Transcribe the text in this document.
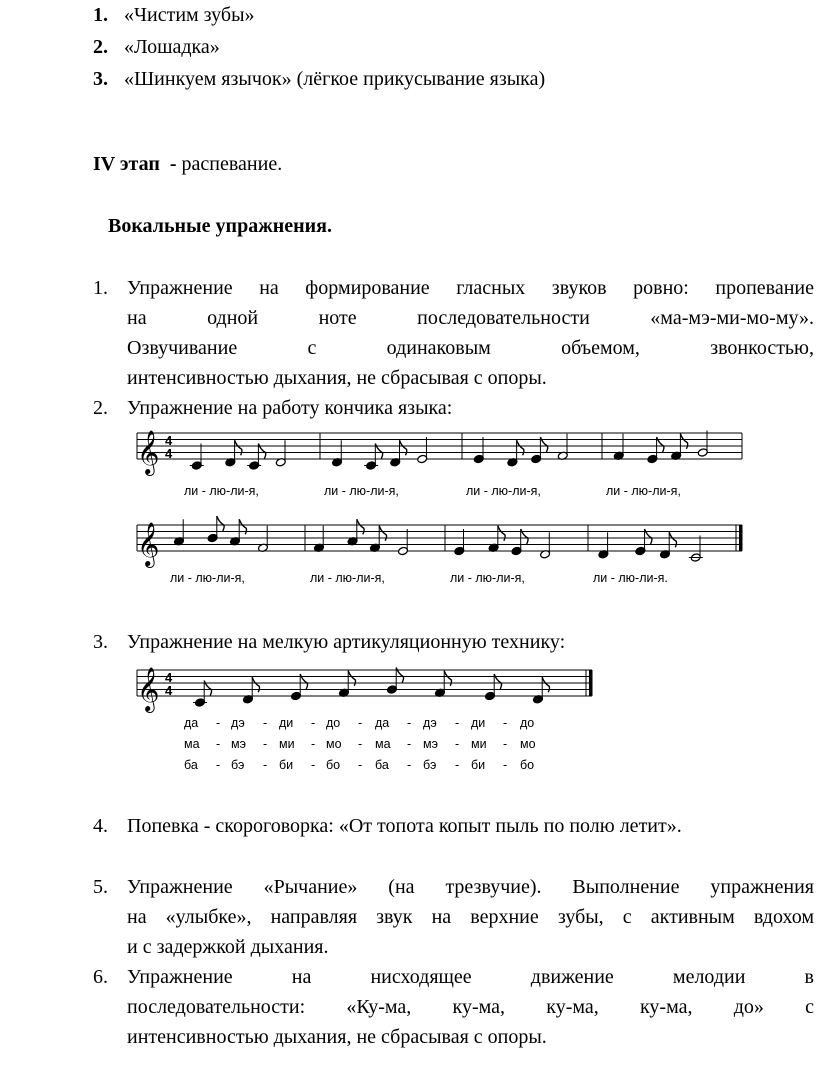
1. «Чистим зубы»
2. «Лошадка»
3. «Шинкуем язычок» (лёгкое прикусывание языка)
IV этап - распевание.
Вокальные упражнения.
1. Упражнение на формирование гласных звуков ровно: пропевание
на одной ноте последовательности «ма-мэ-ми-мо-му».
Озвучивание с одинаковым объемом, звонкостью,
интенсивностью дыхания, не сбрасывая с опоры.
2. Упражнение на работу кончика языка:
3. Упражнение на мелкую артикуляционную технику:
𝄞 4
4
ли - лю-ли-я,	ли - лю-ли-я,	ли - лю-ли-я,	ли - лю-ли-я,
𝄞
ли - лю-ли-я,	ли - лю-ли-я,	ли - лю-ли-я,	ли - лю-ли-я.
𝄞 4
4
да - дэ - ди - до - да - дэ - ди - до
ма - мэ - ми - мо - ма - мэ - ми - мо
ба - бэ - би - бо - ба - бэ - би - бо
4. Попевка - скороговорка: «От топота копыт пыль по полю летит».
5. Упражнение «Рычание» (на трезвучие). Выполнение упражнения
на «улыбке», направляя звук на верхние зубы, с активным вдохом
и с задержкой дыхания.
6. Упражнение на нисходящее движение мелодии в
последовательности: «Ку-ма, ку-ма, ку-ма, ку-ма, до» с
интенсивностью дыхания, не сбрасывая с опоры.
